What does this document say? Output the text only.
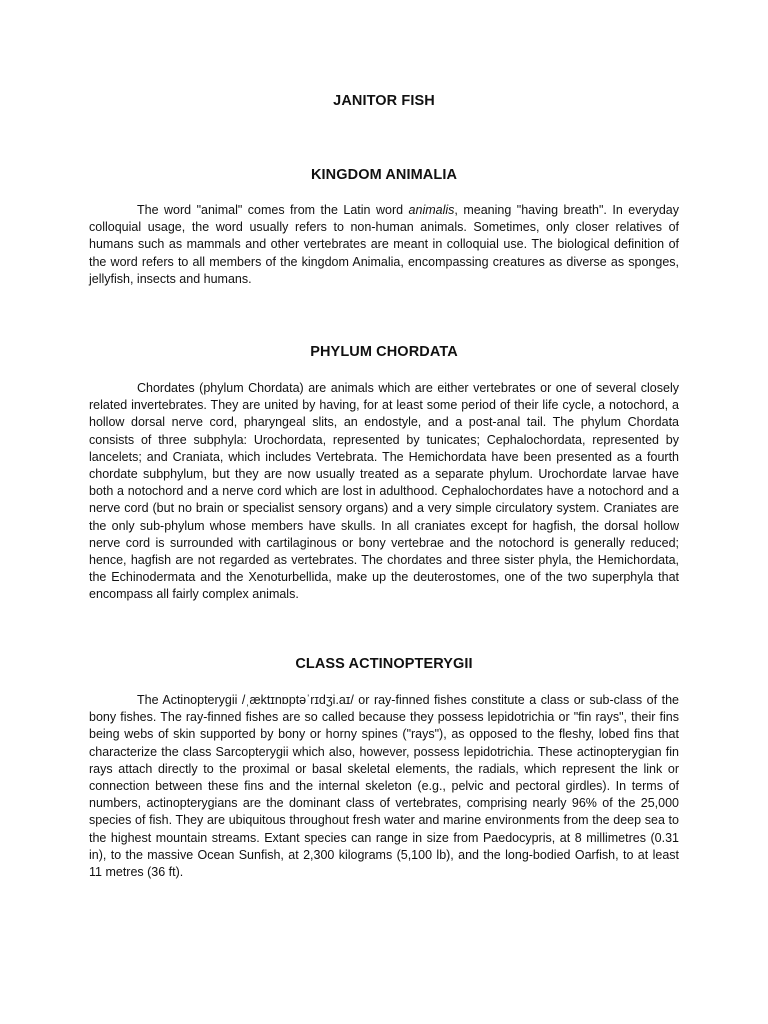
JANITOR FISH
KINGDOM ANIMALIA

The word "animal" comes from the Latin word animalis, meaning "having breath". In everyday colloquial usage, the word usually refers to non-human animals. Sometimes, only closer relatives of humans such as mammals and other vertebrates are meant in colloquial use. The biological definition of the word refers to all members of the kingdom Animalia, encompassing creatures as diverse as sponges, jellyfish, insects and humans.

PHYLUM CHORDATA

Chordates (phylum Chordata) are animals which are either vertebrates or one of several closely related invertebrates. They are united by having, for at least some period of their life cycle, a notochord, a hollow dorsal nerve cord, pharyngeal slits, an endostyle, and a post-anal tail. The phylum Chordata consists of three subphyla: Urochordata, represented by tunicates; Cephalochordata, represented by lancelets; and Craniata, which includes Vertebrata. The Hemichordata have been presented as a fourth chordate subphylum, but they are now usually treated as a separate phylum. Urochordate larvae have both a notochord and a nerve cord which are lost in adulthood. Cephalochordates have a notochord and a nerve cord (but no brain or specialist sensory organs) and a very simple circulatory system. Craniates are the only sub-phylum whose members have skulls. In all craniates except for hagfish, the dorsal hollow nerve cord is surrounded with cartilaginous or bony vertebrae and the notochord is generally reduced; hence, hagfish are not regarded as vertebrates. The chordates and three sister phyla, the Hemichordata, the Echinodermata and the Xenoturbellida, make up the deuterostomes, one of the two superphyla that encompass all fairly complex animals.

CLASS ACTINOPTERYGII

The Actinopterygii /ˌæktɪnɒptəˈrɪdʒi.aɪ/ or ray-finned fishes constitute a class or sub-class of the bony fishes. The ray-finned fishes are so called because they possess lepidotrichia or "fin rays", their fins being webs of skin supported by bony or horny spines ("rays"), as opposed to the fleshy, lobed fins that characterize the class Sarcopterygii which also, however, possess lepidotrichia. These actinopterygian fin rays attach directly to the proximal or basal skeletal elements, the radials, which represent the link or connection between these fins and the internal skeleton (e.g., pelvic and pectoral girdles). In terms of numbers, actinopterygians are the dominant class of vertebrates, comprising nearly 96% of the 25,000 species of fish. They are ubiquitous throughout fresh water and marine environments from the deep sea to the highest mountain streams. Extant species can range in size from Paedocypris, at 8 millimetres (0.31 in), to the massive Ocean Sunfish, at 2,300 kilograms (5,100 lb), and the long-bodied Oarfish, to at least 11 metres (36 ft).
